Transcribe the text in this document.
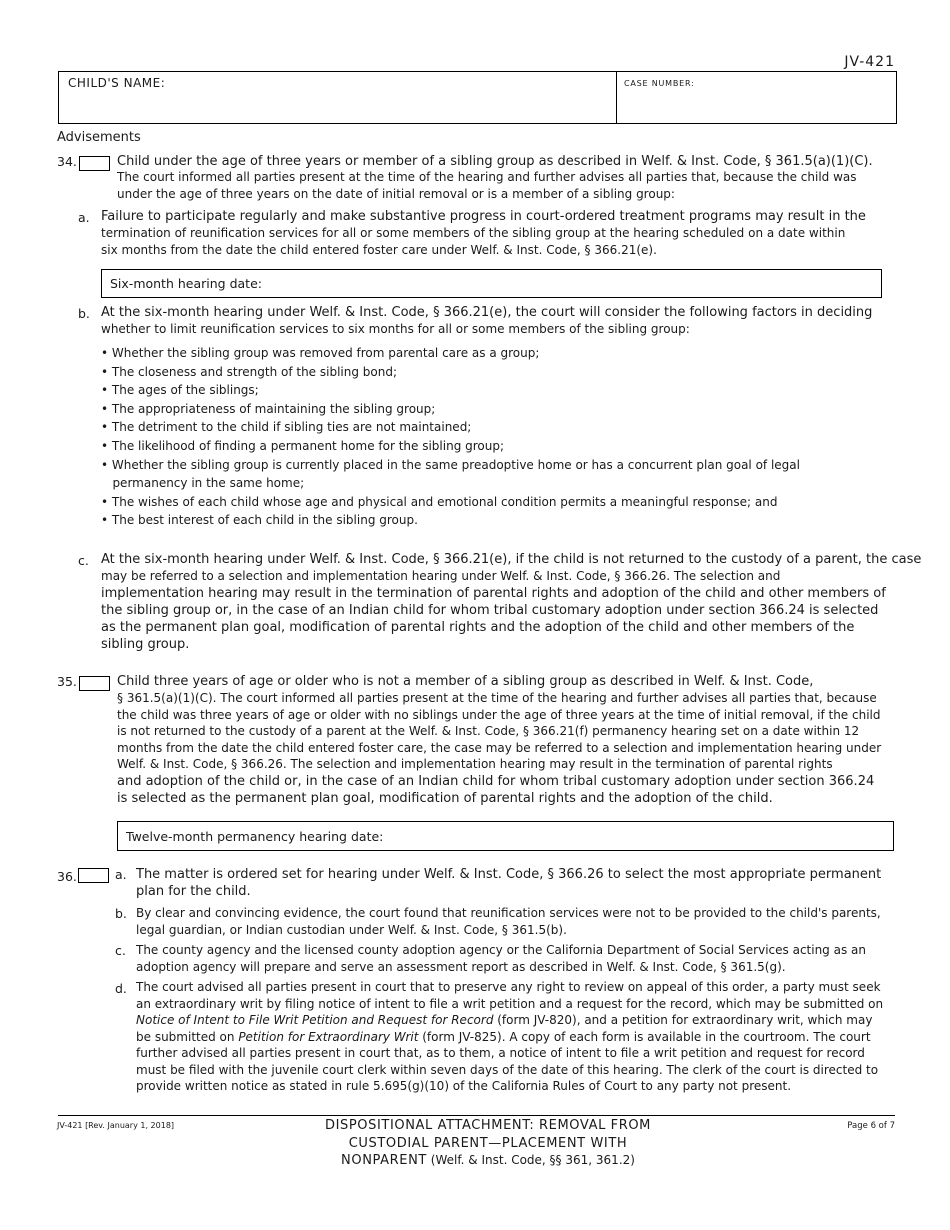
JV-421
CHILD'S NAME:	CASE NUMBER:
Advisements
34.	Child under the age of three years or member of a sibling group as described in Welf. & Inst. Code, § 361.5(a)(1)(C).
The court informed all parties present at the time of the hearing and further advises all parties that, because the child was
under the age of three years on the date of initial removal or is a member of a sibling group:
a. Failure to participate regularly and make substantive progress in court-ordered treatment programs may result in the
termination of reunification services for all or some members of the sibling group at the hearing scheduled on a date within
six months from the date the child entered foster care under Welf. & Inst. Code, § 366.21(e).
Six-month hearing date:
b. At the six-month hearing under Welf. & Inst. Code, § 366.21(e), the court will consider the following factors in deciding
whether to limit reunification services to six months for all or some members of the sibling group:
• Whether the sibling group was removed from parental care as a group;
• The closeness and strength of the sibling bond;
• The ages of the siblings;
• The appropriateness of maintaining the sibling group;
• The detriment to the child if sibling ties are not maintained;
• The likelihood of finding a permanent home for the sibling group;
• Whether the sibling group is currently placed in the same preadoptive home or has a concurrent plan goal of legal
permanency in the same home;
• The wishes of each child whose age and physical and emotional condition permits a meaningful response; and
• The best interest of each child in the sibling group.
c. At the six-month hearing under Welf. & Inst. Code, § 366.21(e), if the child is not returned to the custody of a parent, the case
may be referred to a selection and implementation hearing under Welf. & Inst. Code, § 366.26. The selection and
implementation hearing may result in the termination of parental rights and adoption of the child and other members of
the sibling group or, in the case of an Indian child for whom tribal customary adoption under section 366.24 is selected
as the permanent plan goal, modification of parental rights and the adoption of the child and other members of the
sibling group.
35.	Child three years of age or older who is not a member of a sibling group as described in Welf. & Inst. Code,
§ 361.5(a)(1)(C). The court informed all parties present at the time of the hearing and further advises all parties that, because
the child was three years of age or older with no siblings under the age of three years at the time of initial removal, if the child
is not returned to the custody of a parent at the Welf. & Inst. Code, § 366.21(f) permanency hearing set on a date within 12
months from the date the child entered foster care, the case may be referred to a selection and implementation hearing under
Welf. & Inst. Code, § 366.26. The selection and implementation hearing may result in the termination of parental rights
and adoption of the child or, in the case of an Indian child for whom tribal customary adoption under section 366.24
is selected as the permanent plan goal, modification of parental rights and the adoption of the child.
Twelve-month permanency hearing date:
36.	a. The matter is ordered set for hearing under Welf. & Inst. Code, § 366.26 to select the most appropriate permanent
plan for the child.
b. By clear and convincing evidence, the court found that reunification services were not to be provided to the child's parents,
legal guardian, or Indian custodian under Welf. & Inst. Code, § 361.5(b).
c. The county agency and the licensed county adoption agency or the California Department of Social Services acting as an
adoption agency will prepare and serve an assessment report as described in Welf. & Inst. Code, § 361.5(g).
d. The court advised all parties present in court that to preserve any right to review on appeal of this order, a party must seek
an extraordinary writ by filing notice of intent to file a writ petition and a request for the record, which may be submitted on
Notice of Intent to File Writ Petition and Request for Record (form JV-820), and a petition for extraordinary writ, which may
be submitted on Petition for Extraordinary Writ (form JV-825). A copy of each form is available in the courtroom. The court
further advised all parties present in court that, as to them, a notice of intent to file a writ petition and request for record
must be filed with the juvenile court clerk within seven days of the date of this hearing. The clerk of the court is directed to
provide written notice as stated in rule 5.695(g)(10) of the California Rules of Court to any party not present.
JV-421 [Rev. January 1, 2018]	DISPOSITIONAL ATTACHMENT: REMOVAL FROM
CUSTODIAL PARENT—PLACEMENT WITH
NONPARENT (Welf. & Inst. Code, §§ 361, 361.2)
Page 6 of 7
